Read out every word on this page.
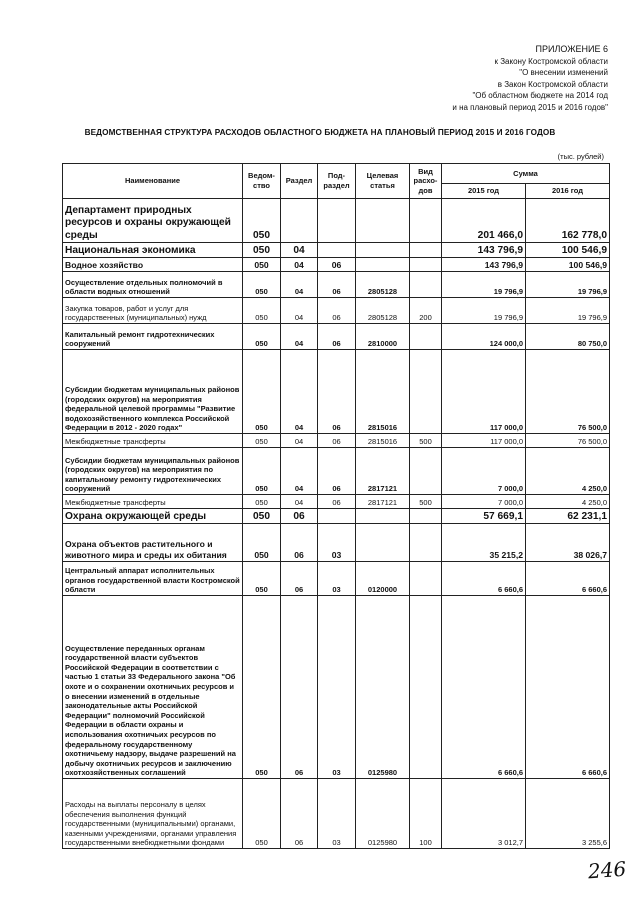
ПРИЛОЖЕНИЕ 6
к Закону Костромской области
"О внесении изменений
в Закон Костромской области
"Об областном бюджете на 2014 год
и на плановый период 2015 и 2016 годов"
ВЕДОМСТВЕННАЯ СТРУКТУРА РАСХОДОВ ОБЛАСТНОГО БЮДЖЕТА НА ПЛАНОВЫЙ ПЕРИОД 2015 И 2016 ГОДОВ
(тыс. рублей)
Наименование	Ведом-ство	Раздел	Под-раздел	Целевая статья	Вид расхо-дов	Сумма	
						2015 год	2016 год
Департамент природных ресурсов и охраны окружающей среды	050					201 466,0	162 778,0
Национальная экономика	050	04				143 796,9	100 546,9
Водное хозяйство	050	04	06			143 796,9	100 546,9
Осуществление отдельных полномочий в области водных отношений	050	04	06	2805128		19 796,9	19 796,9
Закупка товаров, работ и услуг для государственных (муниципальных) нужд	050	04	06	2805128	200	19 796,9	19 796,9
Капитальный ремонт гидротехнических сооружений	050	04	06	2810000		124 000,0	80 750,0
Субсидии бюджетам муниципальных районов (городских округов) на мероприятия федеральной целевой программы "Развитие водохозяйственного комплекса Российской Федерации в 2012 - 2020 годах"	050	04	06	2815016		117 000,0	76 500,0
Межбюджетные трансферты	050	04	06	2815016	500	117 000,0	76 500,0
Субсидии бюджетам муниципальных районов (городских округов) на мероприятия по капитальному ремонту гидротехнических сооружений	050	04	06	2817121		7 000,0	4 250,0
Межбюджетные трансферты	050	04	06	2817121	500	7 000,0	4 250,0
Охрана окружающей среды	050	06				57 669,1	62 231,1
Охрана объектов растительного и животного мира и среды их обитания	050	06	03			35 215,2	38 026,7
Центральный аппарат исполнительных органов государственной власти Костромской области	050	06	03	0120000		6 660,6	6 660,6
Осуществление переданных органам государственной власти субъектов Российской Федерации в соответствии с частью 1 статьи 33 Федерального закона "Об охоте и о сохранении охотничьих ресурсов и о внесении изменений в отдельные законодательные акты Российской Федерации" полномочий Российской Федерации в области охраны и использования охотничьих ресурсов по федеральному государственному охотничьему надзору, выдаче разрешений на добычу охотничьих ресурсов и заключению охотхозяйственных соглашений	050	06	03	0125980		6 660,6	6 660,6
Расходы на выплаты персоналу в целях обеспечения выполнения функций государственными (муниципальными) органами, казенными учреждениями, органами управления государственными внебюджетными фондами	050	06	03	0125980	100	3 012,7	3 255,6
246
